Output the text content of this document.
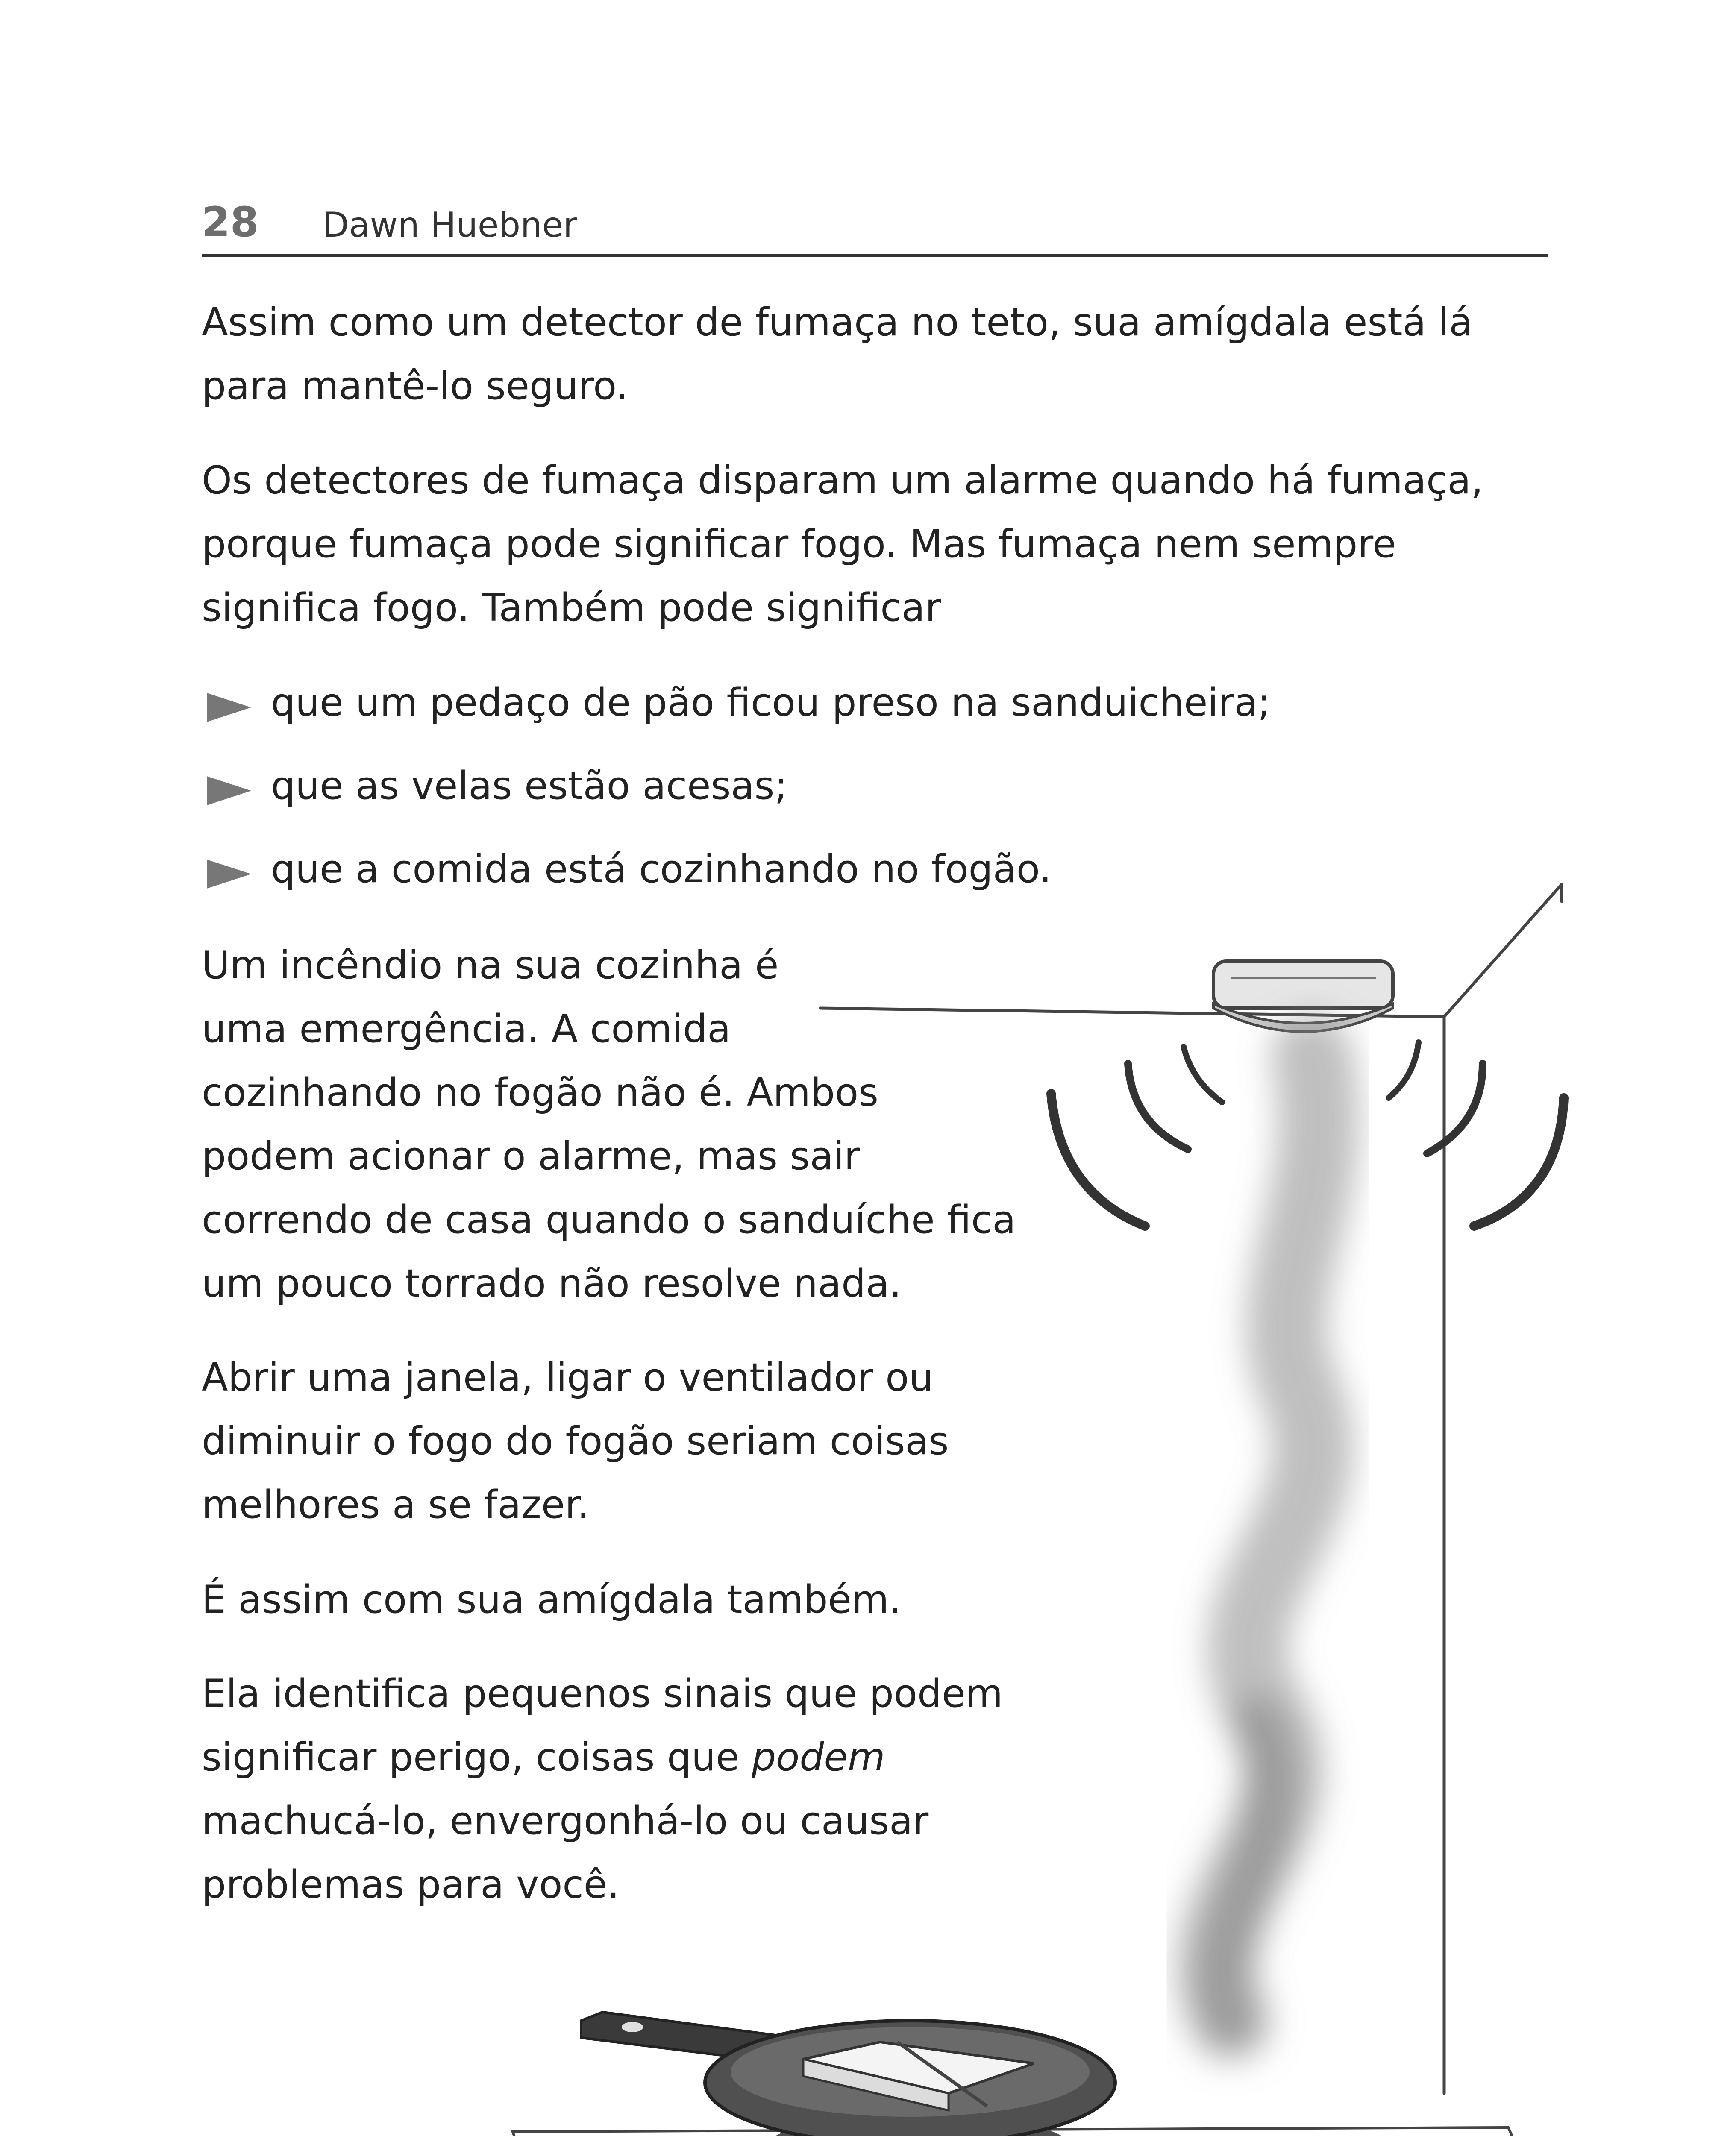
28 Dawn Huebner

Assim como um detector de fumaça no teto, sua amígdala está lá
para mantê-lo seguro.

Os detectores de fumaça disparam um alarme quando há fumaça,
porque fumaça pode significar fogo. Mas fumaça nem sempre
significa fogo. Também pode significar

que um pedaço de pão ficou preso na sanduicheira;
que as velas estão acesas;
que a comida está cozinhando no fogão.

Um incêndio na sua cozinha é
uma emergência. A comida
cozinhando no fogão não é. Ambos
podem acionar o alarme, mas sair
correndo de casa quando o sanduíche fica
um pouco torrado não resolve nada.

Abrir uma janela, ligar o ventilador ou
diminuir o fogo do fogão seriam coisas
melhores a se fazer.

É assim com sua amígdala também.

Ela identifica pequenos sinais que podem
significar perigo, coisas que podem
machucá-lo, envergonhá-lo ou causar
problemas para você.
